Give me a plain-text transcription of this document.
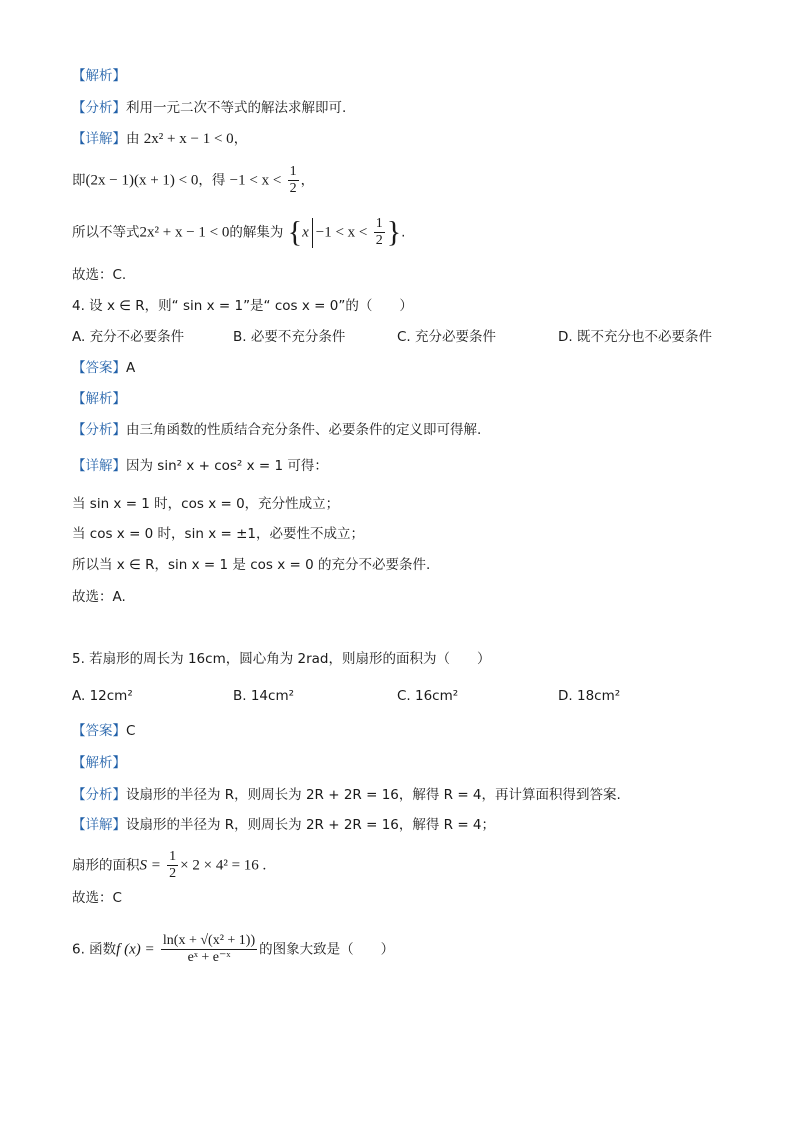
【解析】
【分析】利用一元二次不等式的解法求解即可.
【详解】由 2x² + x − 1 < 0，
即(2x − 1)(x + 1) < 0，得 $-1 < x < \frac{1}{2}$ ，
所以不等式2x² + x − 1 < 0的解集为 {$x -1 < x < \frac{1}{2}$ }.
故选：C.
4. 设 x ∈ R，则“ sin x = 1”是“ cos x = 0”的（　　）
A. 充分不必要条件	B. 必要不充分条件	C. 充分必要条件	D. 既不充分也不必要条件
【答案】A
【解析】
【分析】由三角函数的性质结合充分条件、必要条件的定义即可得解.
【详解】因为 sin² x + cos² x = 1 可得：
当 sin x = 1 时，cos x = 0，充分性成立；
当 cos x = 0 时，sin x = ±1，必要性不成立；
所以当 x ∈ R，sin x = 1 是 cos x = 0 的充分不必要条件.
故选：A.
5. 若扇形的周长为 16cm，圆心角为 2rad，则扇形的面积为（　　）
A. 12cm²	B. 14cm²	C. 16cm²	D. 18cm²
【答案】C
【解析】
【分析】设扇形的半径为 R，则周长为 2R + 2R = 16，解得 R = 4，再计算面积得到答案.
【详解】设扇形的半径为 R，则周长为 2R + 2R = 16，解得 R = 4；
扇形的面积$S = \frac{1}{2} \times 2 \times 4^2 = 16$ .
故选：C
6. 函数f $(x) = \frac{\text{ln(x + √(x² + 1))}}{\text{eˣ + e⁻ˣ}}$ 的图象大致是（　　）
